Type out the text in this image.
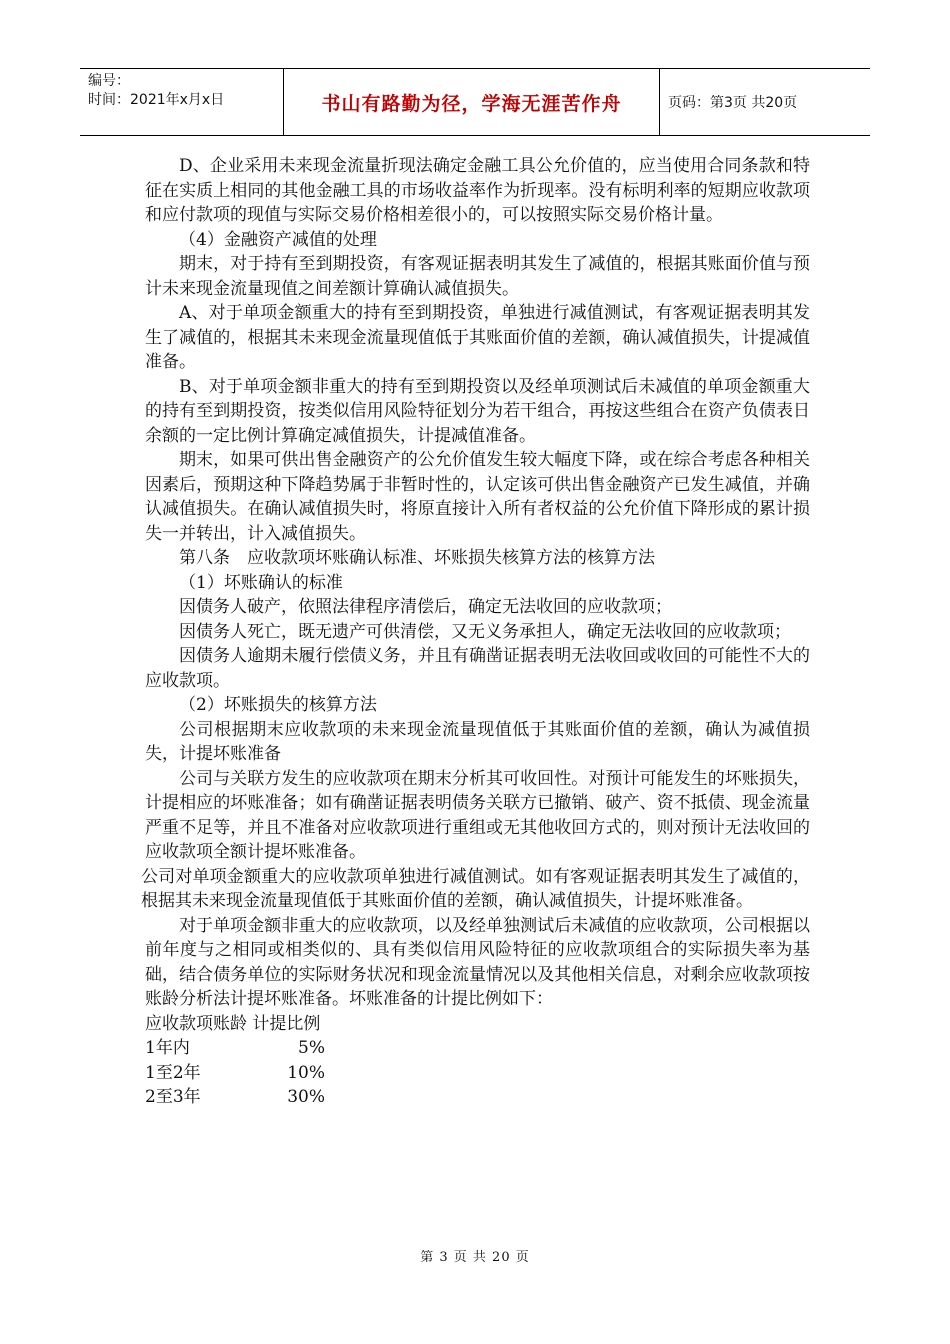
编号：
时间：2021年x月x日	书山有路勤为径，学海无涯苦作舟	页码：第3页 共20页

D、企业采用未来现金流量折现法确定金融工具公允价值的，应当使用合同条款和特征在实质上相同的其他金融工具的市场收益率作为折现率。没有标明利率的短期应收款项和应付款项的现值与实际交易价格相差很小的，可以按照实际交易价格计量。

（4）金融资产减值的处理

期末，对于持有至到期投资，有客观证据表明其发生了减值的，根据其账面价值与预计未来现金流量现值之间差额计算确认减值损失。

A、对于单项金额重大的持有至到期投资，单独进行减值测试，有客观证据表明其发生了减值的，根据其未来现金流量现值低于其账面价值的差额，确认减值损失，计提减值准备。

B、对于单项金额非重大的持有至到期投资以及经单项测试后未减值的单项金额重大的持有至到期投资，按类似信用风险特征划分为若干组合，再按这些组合在资产负债表日余额的一定比例计算确定减值损失，计提减值准备。

期末，如果可供出售金融资产的公允价值发生较大幅度下降，或在综合考虑各种相关因素后，预期这种下降趋势属于非暂时性的，认定该可供出售金融资产已发生减值，并确认减值损失。在确认减值损失时，将原直接计入所有者权益的公允价值下降形成的累计损失一并转出，计入减值损失。

第八条　应收款项坏账确认标准、坏账损失核算方法的核算方法

（1）坏账确认的标准

因债务人破产，依照法律程序清偿后，确定无法收回的应收款项；

因债务人死亡，既无遗产可供清偿，又无义务承担人，确定无法收回的应收款项；

因债务人逾期未履行偿债义务，并且有确凿证据表明无法收回或收回的可能性不大的应收款项。

（2）坏账损失的核算方法

公司根据期末应收款项的未来现金流量现值低于其账面价值的差额，确认为减值损失，计提坏账准备

公司与关联方发生的应收款项在期末分析其可收回性。对预计可能发生的坏账损失，计提相应的坏账准备；如有确凿证据表明债务关联方已撤销、破产、资不抵债、现金流量严重不足等，并且不准备对应收款项进行重组或无其他收回方式的，则对预计无法收回的应收款项全额计提坏账准备。

公司对单项金额重大的应收款项单独进行减值测试。如有客观证据表明其发生了减值的，根据其未来现金流量现值低于其账面价值的差额，确认减值损失，计提坏账准备。

对于单项金额非重大的应收款项，以及经单独测试后未减值的应收款项，公司根据以前年度与之相同或相类似的、具有类似信用风险特征的应收款项组合的实际损失率为基础，结合债务单位的实际财务状况和现金流量情况以及其他相关信息，对剩余应收款项按账龄分析法计提坏账准备。坏账准备的计提比例如下：

应收款项账龄 计提比例
1年内	5%
1至2年	10%
2至3年	30%
第 3 页 共 20 页
